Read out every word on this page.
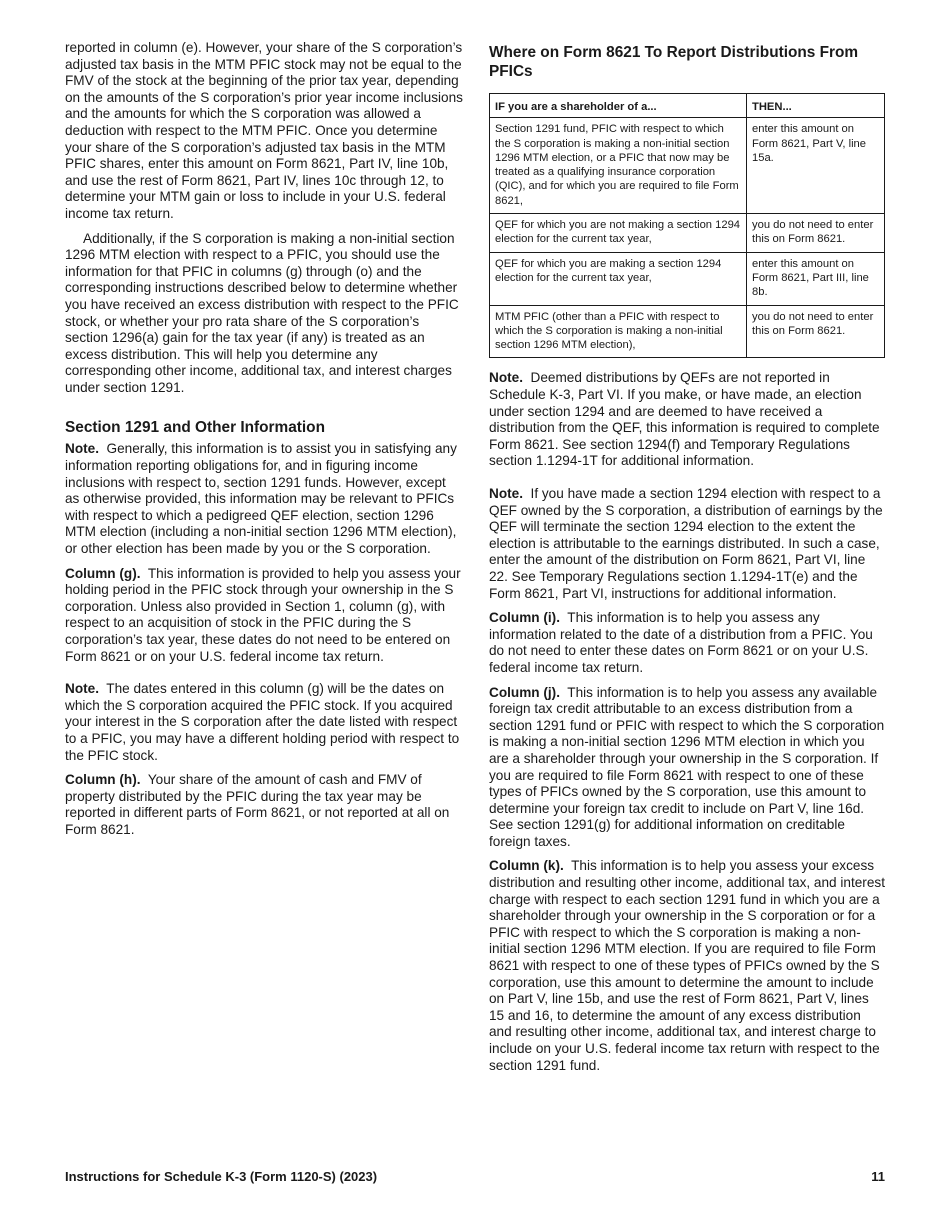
reported in column (e). However, your share of the S corporation’s adjusted tax basis in the MTM PFIC stock may not be equal to the FMV of the stock at the beginning of the prior tax year, depending on the amounts of the S corporation’s prior year income inclusions and the amounts for which the S corporation was allowed a deduction with respect to the MTM PFIC. Once you determine your share of the S corporation’s adjusted tax basis in the MTM PFIC shares, enter this amount on Form 8621, Part IV, line 10b, and use the rest of Form 8621, Part IV, lines 10c through 12, to determine your MTM gain or loss to include in your U.S. federal income tax return.

Additionally, if the S corporation is making a non-initial section 1296 MTM election with respect to a PFIC, you should use the information for that PFIC in columns (g) through (o) and the corresponding instructions described below to determine whether you have received an excess distribution with respect to the PFIC stock, or whether your pro rata share of the S corporation’s section 1296(a) gain for the tax year (if any) is treated as an excess distribution. This will help you determine any corresponding other income, additional tax, and interest charges under section 1291.

Section 1291 and Other Information

Note. Generally, this information is to assist you in satisfying any information reporting obligations for, and in figuring income inclusions with respect to, section 1291 funds. However, except as otherwise provided, this information may be relevant to PFICs with respect to which a pedigreed QEF election, section 1296 MTM election (including a non-initial section 1296 MTM election), or other election has been made by you or the S corporation.

Column (g). This information is provided to help you assess your holding period in the PFIC stock through your ownership in the S corporation. Unless also provided in Section 1, column (g), with respect to an acquisition of stock in the PFIC during the S corporation’s tax year, these dates do not need to be entered on Form 8621 or on your U.S. federal income tax return.

Note. The dates entered in this column (g) will be the dates on which the S corporation acquired the PFIC stock. If you acquired your interest in the S corporation after the date listed with respect to a PFIC, you may have a different holding period with respect to the PFIC stock.

Column (h). Your share of the amount of cash and FMV of property distributed by the PFIC during the tax year may be reported in different parts of Form 8621, or not reported at all on Form 8621.

Where on Form 8621 To Report Distributions From PFICs
IF you are a shareholder of a...	THEN...
Section 1291 fund, PFIC with respect to which the S corporation is making a non-initial section 1296 MTM election, or a PFIC that now may be treated as a qualifying insurance corporation (QIC), and for which you are required to file Form 8621,	enter this amount on Form 8621, Part V, line 15a.
QEF for which you are not making a section 1294 election for the current tax year,	you do not need to enter this on Form 8621.
QEF for which you are making a section 1294 election for the current tax year,	enter this amount on Form 8621, Part III, line 8b.
MTM PFIC (other than a PFIC with respect to which the S corporation is making a non-initial section 1296 MTM election),	you do not need to enter this on Form 8621.

Note. Deemed distributions by QEFs are not reported in Schedule K-3, Part VI. If you make, or have made, an election under section 1294 and are deemed to have received a distribution from the QEF, this information is required to complete Form 8621. See section 1294(f) and Temporary Regulations section 1.1294-1T for additional information.

Note. If you have made a section 1294 election with respect to a QEF owned by the S corporation, a distribution of earnings by the QEF will terminate the section 1294 election to the extent the election is attributable to the earnings distributed. In such a case, enter the amount of the distribution on Form 8621, Part VI, line 22. See Temporary Regulations section 1.1294-1T(e) and the Form 8621, Part VI, instructions for additional information.

Column (i). This information is to help you assess any information related to the date of a distribution from a PFIC. You do not need to enter these dates on Form 8621 or on your U.S. federal income tax return.

Column (j). This information is to help you assess any available foreign tax credit attributable to an excess distribution from a section 1291 fund or PFIC with respect to which the S corporation is making a non-initial section 1296 MTM election in which you are a shareholder through your ownership in the S corporation. If you are required to file Form 8621 with respect to one of these types of PFICs owned by the S corporation, use this amount to determine your foreign tax credit to include on Part V, line 16d. See section 1291(g) for additional information on creditable foreign taxes.

Column (k). This information is to help you assess your excess distribution and resulting other income, additional tax, and interest charge with respect to each section 1291 fund in which you are a shareholder through your ownership in the S corporation or for a PFIC with respect to which the S corporation is making a non-initial section 1296 MTM election. If you are required to file Form 8621 with respect to one of these types of PFICs owned by the S corporation, use this amount to determine the amount to include on Part V, line 15b, and use the rest of Form 8621, Part V, lines 15 and 16, to determine the amount of any excess distribution and resulting other income, additional tax, and interest charge to include on your U.S. federal income tax return with respect to the section 1291 fund.

Instructions for Schedule K-3 (Form 1120-S) (2023)	11
